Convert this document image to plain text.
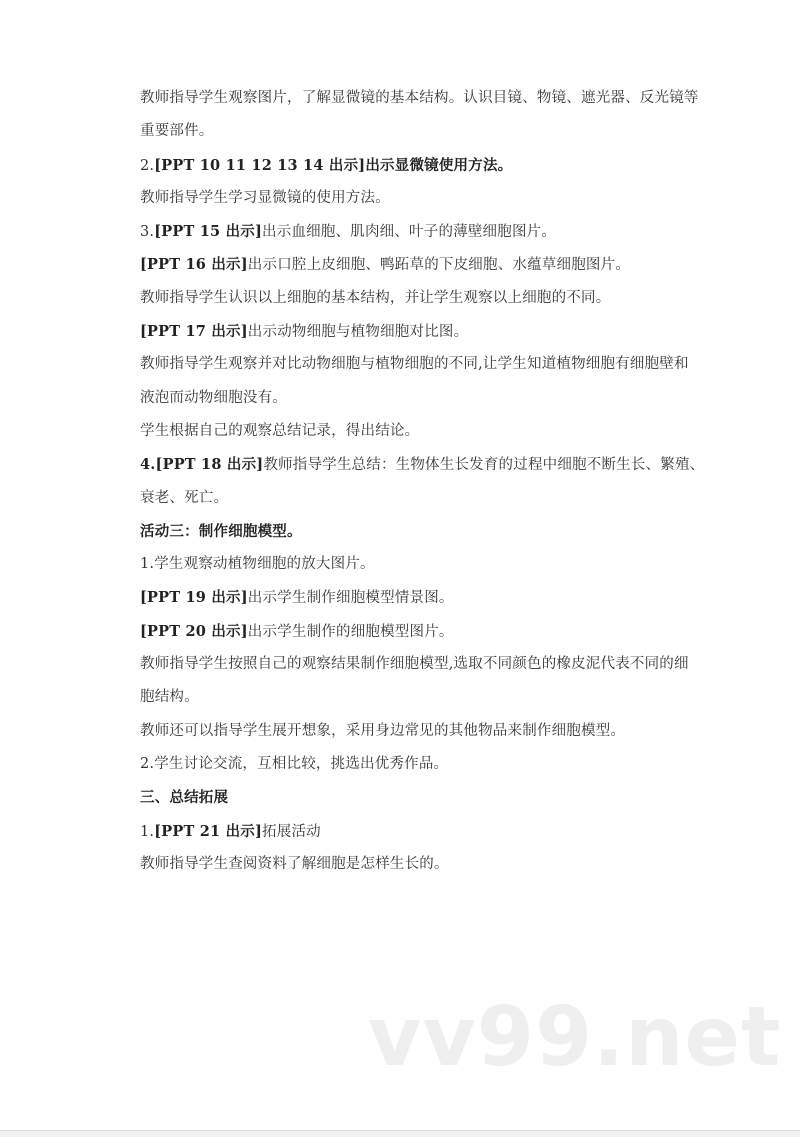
教师指导学生观察图片，了解显微镜的基本结构。认识目镜、物镜、遮光器、反光镜等
重要部件。
2.[PPT 10 11 12 13 14 出示]出示显微镜使用方法。
教师指导学生学习显微镜的使用方法。
3.[PPT 15 出示]出示血细胞、肌肉细、叶子的薄壁细胞图片。
[PPT 16 出示]出示口腔上皮细胞、鸭跖草的下皮细胞、水蕴草细胞图片。
教师指导学生认识以上细胞的基本结构，并让学生观察以上细胞的不同。
[PPT 17 出示]出示动物细胞与植物细胞对比图。
教师指导学生观察并对比动物细胞与植物细胞的不同,让学生知道植物细胞有细胞壁和
液泡而动物细胞没有。
学生根据自己的观察总结记录，得出结论。
4.[PPT 18 出示]教师指导学生总结：生物体生长发育的过程中细胞不断生长、繁殖、
衰老、死亡。
活动三：制作细胞模型。
1.学生观察动植物细胞的放大图片。
[PPT 19 出示]出示学生制作细胞模型情景图。
[PPT 20 出示]出示学生制作的细胞模型图片。
教师指导学生按照自己的观察结果制作细胞模型,选取不同颜色的橡皮泥代表不同的细
胞结构。
教师还可以指导学生展开想象，采用身边常见的其他物品来制作细胞模型。
2.学生讨论交流，互相比较，挑选出优秀作品。
三、总结拓展
1.[PPT 21 出示]拓展活动
教师指导学生查阅资料了解细胞是怎样生长的。
vv99.net
